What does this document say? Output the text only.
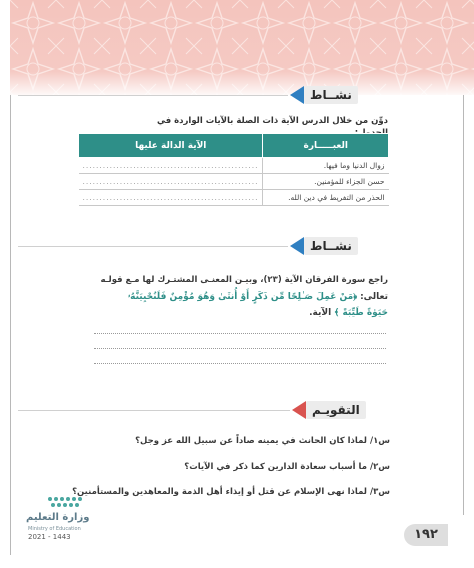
نشــاط
دوِّن من خلال الدرس الآية ذات الصلة بالآيات الواردة في
العبـــــارة	الآية الدالة عليها
زوال الدنيا وما فيها.	....................................................
حسن الجزاء للمؤمنين.	....................................................
الحذر من التفريط في دين الله.	....................................................
نشــاط
راجع سورة الفرقان الآية (٢٣)، وبيـن المعنـى المشتـرك لها مـع قولـه
تعالى: ﴿مَنْ عَمِلَ صَـٰلِحًا مِّن ذَكَرٍ أَوْ أُنثَىٰ وَهُوَ مُؤْمِنٌ فَلَنُحْيِيَنَّهُۥ
حَيَوٰةً طَيِّبَةً ﴾ الآية.
التقويـم
س١/ لماذا كان الحانث في يمينه صاداً عن سبيل الله عز وجل؟
س٢/ ما أسباب سعادة الدارين كما ذكر في الآيات؟
س٣/ لماذا نهى الإسلام عن قتل أو إيذاء أهل الذمة والمعاهدين والمستأمنين؟
وزارة التعليم
Ministry of Education
2021 - 1443	١٩٢
